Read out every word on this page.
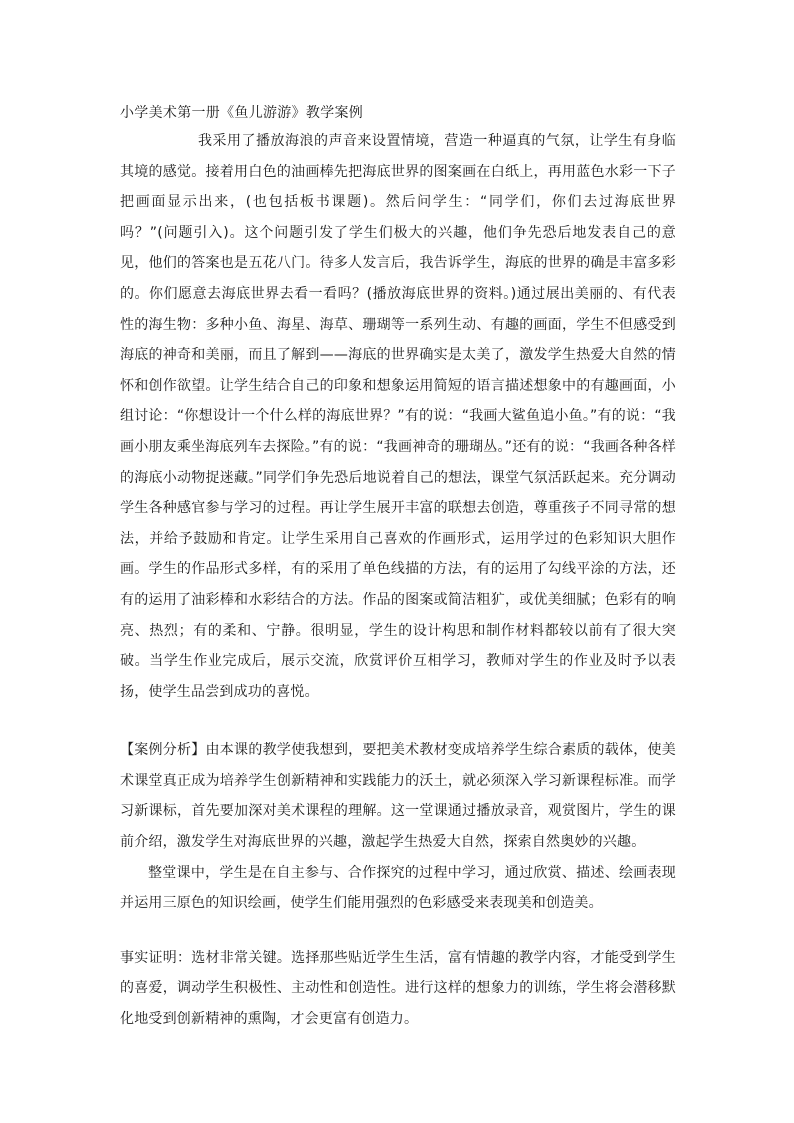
小学美术第一册《鱼儿游游》教学案例

我采用了播放海浪的声音来设置情境，营造一种逼真的气氛，让学生有身临其境的感觉。接着用白色的油画棒先把海底世界的图案画在白纸上，再用蓝色水彩一下子把画面显示出来，(也包括板书课题)。然后问学生：“同学们，你们去过海底世界吗？”(问题引入)。这个问题引发了学生们极大的兴趣，他们争先恐后地发表自己的意见，他们的答案也是五花八门。待多人发言后，我告诉学生，海底的世界的确是丰富多彩的。你们愿意去海底世界去看一看吗？(播放海底世界的资料。)通过展出美丽的、有代表性的海生物：多种小鱼、海星、海草、珊瑚等一系列生动、有趣的画面，学生不但感受到海底的神奇和美丽，而且了解到——海底的世界确实是太美了，激发学生热爱大自然的情怀和创作欲望。让学生结合自己的印象和想象运用简短的语言描述想象中的有趣画面，小组讨论：“你想设计一个什么样的海底世界？”有的说：“我画大鲨鱼追小鱼。”有的说：“我画小朋友乘坐海底列车去探险。”有的说：“我画神奇的珊瑚丛。”还有的说：“我画各种各样的海底小动物捉迷藏。”同学们争先恐后地说着自己的想法，课堂气氛活跃起来。充分调动学生各种感官参与学习的过程。再让学生展开丰富的联想去创造，尊重孩子不同寻常的想法，并给予鼓励和肯定。让学生采用自己喜欢的作画形式，运用学过的色彩知识大胆作画。学生的作品形式多样，有的采用了单色线描的方法，有的运用了勾线平涂的方法，还有的运用了油彩棒和水彩结合的方法。作品的图案或简洁粗犷，或优美细腻；色彩有的响亮、热烈；有的柔和、宁静。很明显，学生的设计构思和制作材料都较以前有了很大突破。当学生作业完成后，展示交流，欣赏评价互相学习，教师对学生的作业及时予以表扬，使学生品尝到成功的喜悦。

【案例分析】由本课的教学使我想到，要把美术教材变成培养学生综合素质的载体，使美术课堂真正成为培养学生创新精神和实践能力的沃土，就必须深入学习新课程标准。而学习新课标，首先要加深对美术课程的理解。这一堂课通过播放录音，观赏图片，学生的课前介绍，激发学生对海底世界的兴趣，激起学生热爱大自然，探索自然奥妙的兴趣。

整堂课中，学生是在自主参与、合作探究的过程中学习，通过欣赏、描述、绘画表现并运用三原色的知识绘画，使学生们能用强烈的色彩感受来表现美和创造美。

事实证明：选材非常关键。选择那些贴近学生生活，富有情趣的教学内容，才能受到学生的喜爱，调动学生积极性、主动性和创造性。进行这样的想象力的训练，学生将会潜移默化地受到创新精神的熏陶，才会更富有创造力。
